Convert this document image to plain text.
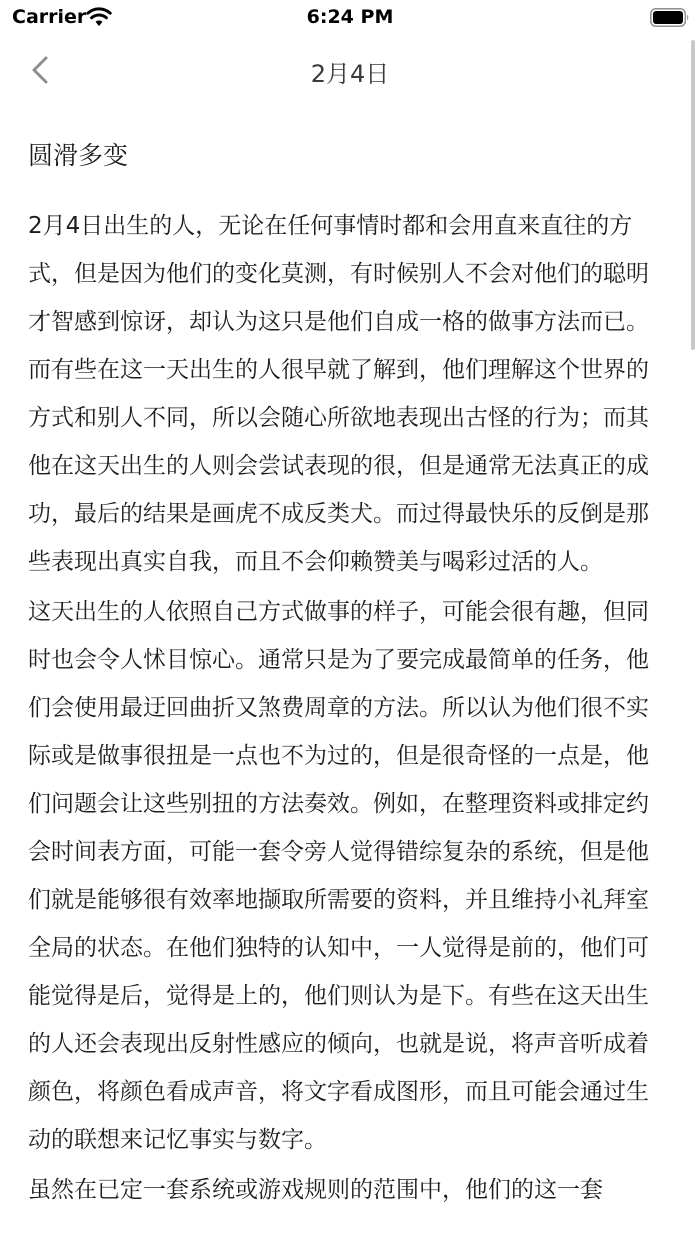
Carrier	6:24 PM
2月4日
圆滑多变

2月4日出生的人，无论在任何事情时都和会用直来直往的方式，但是因为他们的变化莫测，有时候别人不会对他们的聪明才智感到惊讶，却认为这只是他们自成一格的做事方法而已。而有些在这一天出生的人很早就了解到，他们理解这个世界的方式和别人不同，所以会随心所欲地表现出古怪的行为；而其他在这天出生的人则会尝试表现的很，但是通常无法真正的成功，最后的结果是画虎不成反类犬。而过得最快乐的反倒是那些表现出真实自我，而且不会仰赖赞美与喝彩过活的人。

这天出生的人依照自己方式做事的样子，可能会很有趣，但同时也会令人怵目惊心。通常只是为了要完成最简单的任务，他们会使用最迂回曲折又煞费周章的方法。所以认为他们很不实际或是做事很扭是一点也不为过的，但是很奇怪的一点是，他们问题会让这些别扭的方法奏效。例如，在整理资料或排定约会时间表方面，可能一套令旁人觉得错综复杂的系统，但是他们就是能够很有效率地撷取所需要的资料，并且维持小礼拜室全局的状态。在他们独特的认知中，一人觉得是前的，他们可能觉得是后，觉得是上的，他们则认为是下。有些在这天出生的人还会表现出反射性感应的倾向，也就是说，将声音听成着颜色，将颜色看成声音，将文字看成图形，而且可能会通过生动的联想来记忆事实与数字。

虽然在已定一套系统或游戏规则的范围中，他们的这一套
